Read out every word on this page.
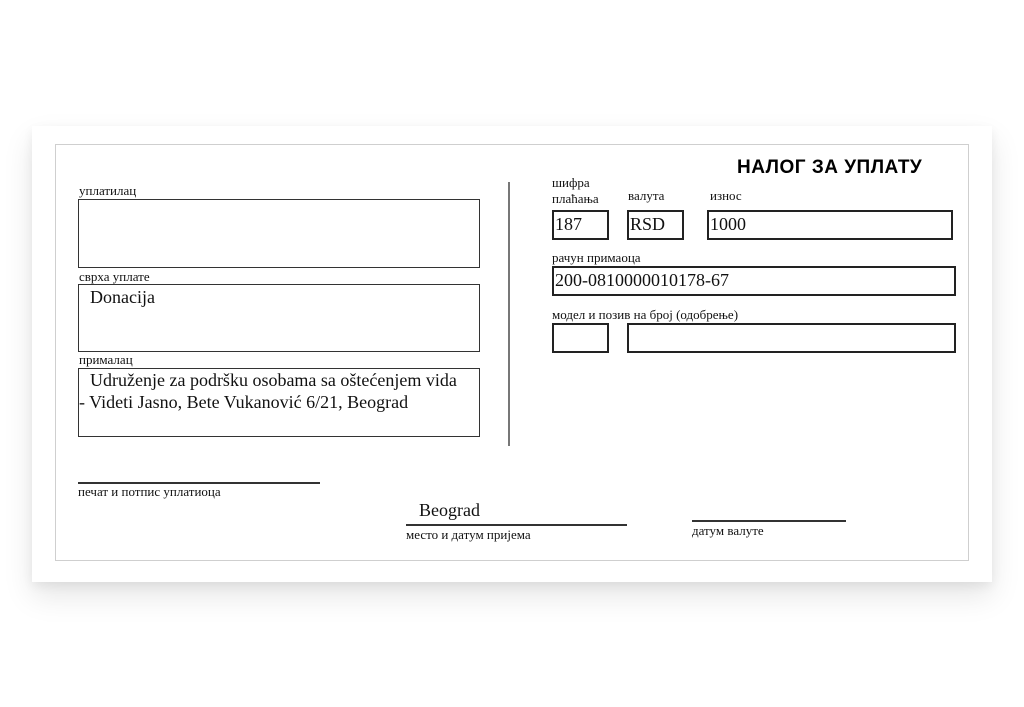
НАЛОГ ЗА УПЛАТУ
уплатилац
сврха уплате
Donacija
прималац
Udruženje za podršku osobama sa oštećenjem vida
- Videti Jasno, Bete Vukanović 6/21, Beograd
шифра
плаћања
187
валута
RSD
износ
1000
рачун примаоца
200-0810000010178-67
модел и позив на број (одобрење)
печат и потпис уплатиоца
Beograd
место и датум пријема	датум валуте
